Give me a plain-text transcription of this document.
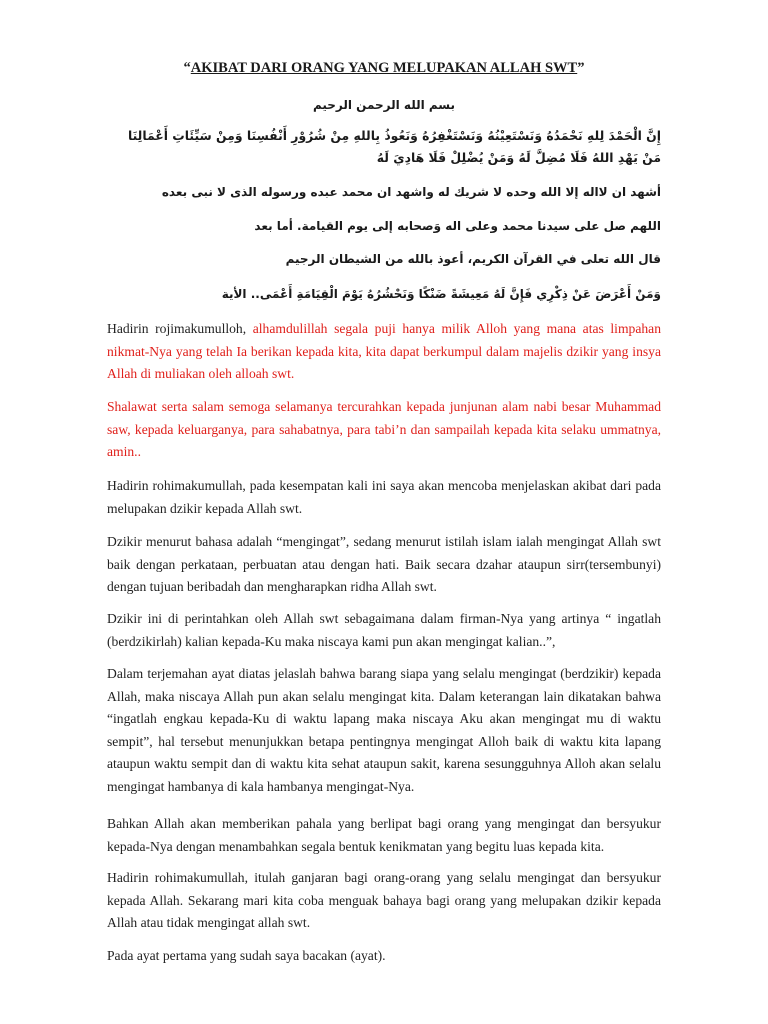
“AKIBAT DARI ORANG YANG MELUPAKAN ALLAH SWT”
بسم الله الرحمن الرحيم
إِنَّ الْحَمْدَ لِلهِ نَحْمَدُهُ وَنَسْتَعِيْنُهُ وَنَسْتَغْفِرُهُ وَنَعُوذُ بِاللهِ مِنْ شُرُوْرِ أَنْفُسِنَا وَمِنْ سَيِّئَاتِ أَعْمَالِنَا مَنْ يَهْدِ اللهُ فَلَا مُضِلَّ لَهُ وَمَنْ يُضْلِلْ فَلَا هَادِيَ لَهُ
أشهد ان لااله إلا الله وحده لا شريك له واشهد ان محمد عبده ورسوله الذى لا نبى بعده
اللهم صل على سيدنا محمد وعلى اله وَصحابه إلى يوم القيامة. أما بعد
قال الله تعلى في القرآن الكريم، أعوذ بالله من الشيطان الرجيم
وَمَنْ أَعْرَضَ عَنْ ذِكْرِي فَإِنَّ لَهُ مَعِيشَةً ضَنْكًا وَنَحْشُرُهُ يَوْمَ الْقِيَامَةِ أَعْمَى.. الأية
Hadirin rojimakumulloh, alhamdulillah segala puji hanya milik Alloh yang mana atas limpahan nikmat-Nya yang telah Ia berikan kepada kita, kita dapat berkumpul dalam majelis dzikir yang insya Allah di muliakan oleh alloah swt.
Shalawat serta salam semoga selamanya tercurahkan kepada junjunan alam nabi besar Muhammad saw, kepada keluarganya, para sahabatnya, para tabi’n dan sampailah kepada kita selaku ummatnya, amin..
Hadirin rohimakumullah, pada kesempatan kali ini saya akan mencoba menjelaskan akibat dari pada melupakan dzikir kepada Allah swt.
Dzikir menurut bahasa adalah “mengingat”, sedang menurut istilah islam ialah mengingat Allah swt baik dengan perkataan, perbuatan atau dengan hati. Baik secara dzahar ataupun sirr(tersembunyi) dengan tujuan beribadah dan mengharapkan ridha Allah swt.
Dzikir ini di perintahkan oleh Allah swt sebagaimana dalam firman-Nya yang artinya “ ingatlah (berdzikirlah) kalian kepada-Ku maka niscaya kami pun akan mengingat kalian..”,
Dalam terjemahan ayat diatas jelaslah bahwa barang siapa yang selalu mengingat (berdzikir) kepada Allah, maka niscaya Allah pun akan selalu mengingat kita. Dalam keterangan lain dikatakan bahwa “ingatlah engkau kepada-Ku di waktu lapang maka niscaya Aku akan mengingat mu di waktu sempit”, hal tersebut menunjukkan betapa pentingnya mengingat Alloh baik di waktu kita lapang ataupun waktu sempit dan di waktu kita sehat ataupun sakit, karena sesungguhnya Alloh akan selalu mengingat hambanya di kala hambanya mengingat-Nya.
Bahkan Allah akan memberikan pahala yang berlipat bagi orang yang mengingat dan bersyukur kepada-Nya dengan menambahkan segala bentuk kenikmatan yang begitu luas kepada kita.
Hadirin rohimakumullah, itulah ganjaran bagi orang-orang yang selalu mengingat dan bersyukur kepada Allah. Sekarang mari kita coba menguak bahaya bagi orang yang melupakan dzikir kepada Allah atau tidak mengingat allah swt.
Pada ayat pertama yang sudah saya bacakan (ayat).
